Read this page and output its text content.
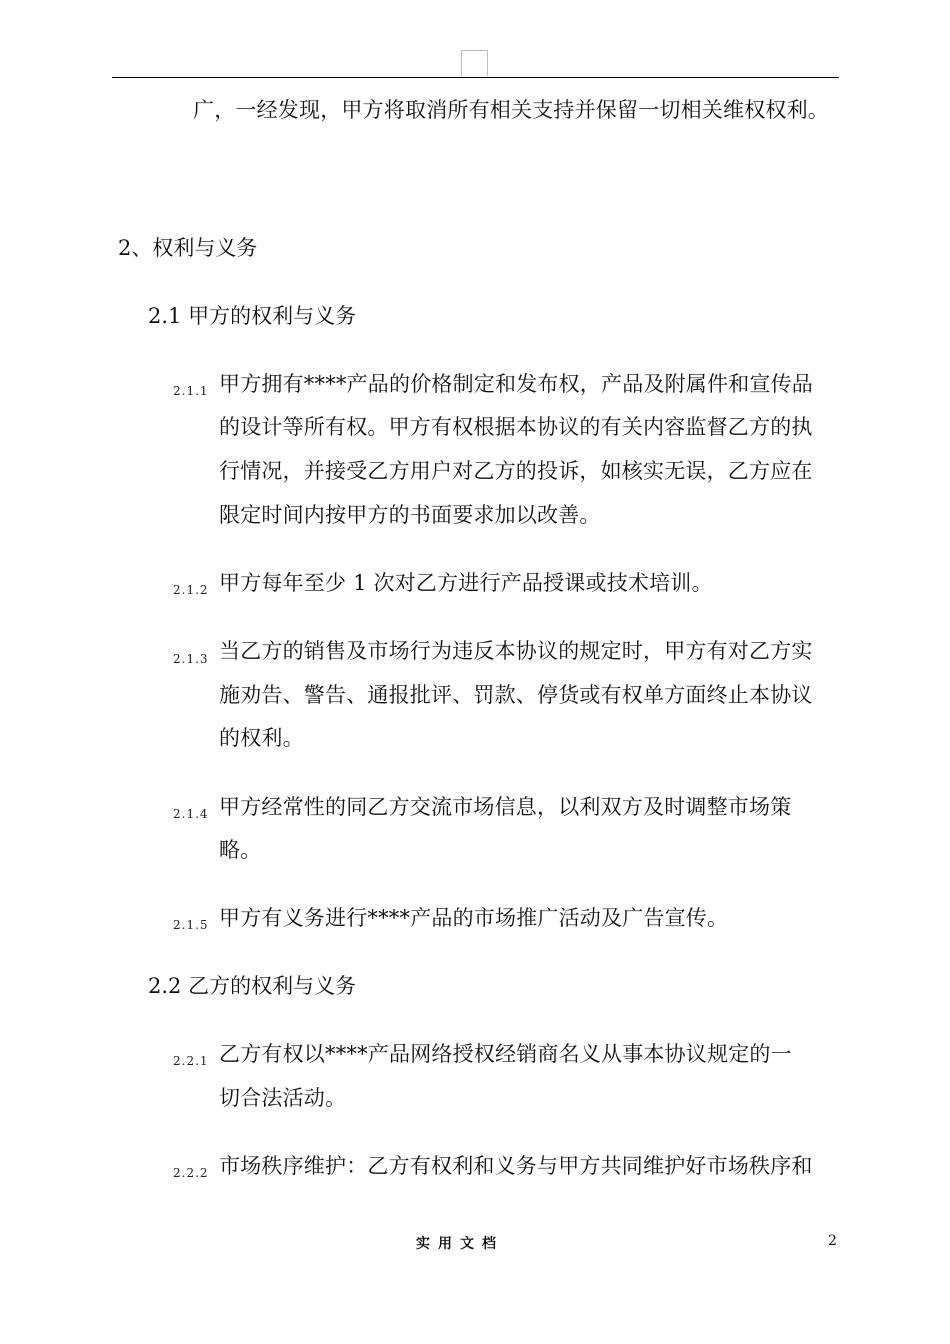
广，一经发现，甲方将取消所有相关支持并保留一切相关维权权利。
2、权利与义务
2.1 甲方的权利与义务
2.1.1 甲方拥有****产品的价格制定和发布权，产品及附属件和宣传品
的设计等所有权。甲方有权根据本协议的有关内容监督乙方的执
行情况，并接受乙方用户对乙方的投诉，如核实无误，乙方应在
限定时间内按甲方的书面要求加以改善。
2.1.2 甲方每年至少 1 次对乙方进行产品授课或技术培训。
2.1.3 当乙方的销售及市场行为违反本协议的规定时，甲方有对乙方实
施劝告、警告、通报批评、罚款、停货或有权单方面终止本协议
的权利。
2.1.4 甲方经常性的同乙方交流市场信息，以利双方及时调整市场策
略。
2.1.5 甲方有义务进行****产品的市场推广活动及广告宣传。
2.2 乙方的权利与义务
2.2.1 乙方有权以****产品网络授权经销商名义从事本协议规定的一
切合法活动。
2.2.2 市场秩序维护：乙方有权利和义务与甲方共同维护好市场秩序和
实用文档	2
